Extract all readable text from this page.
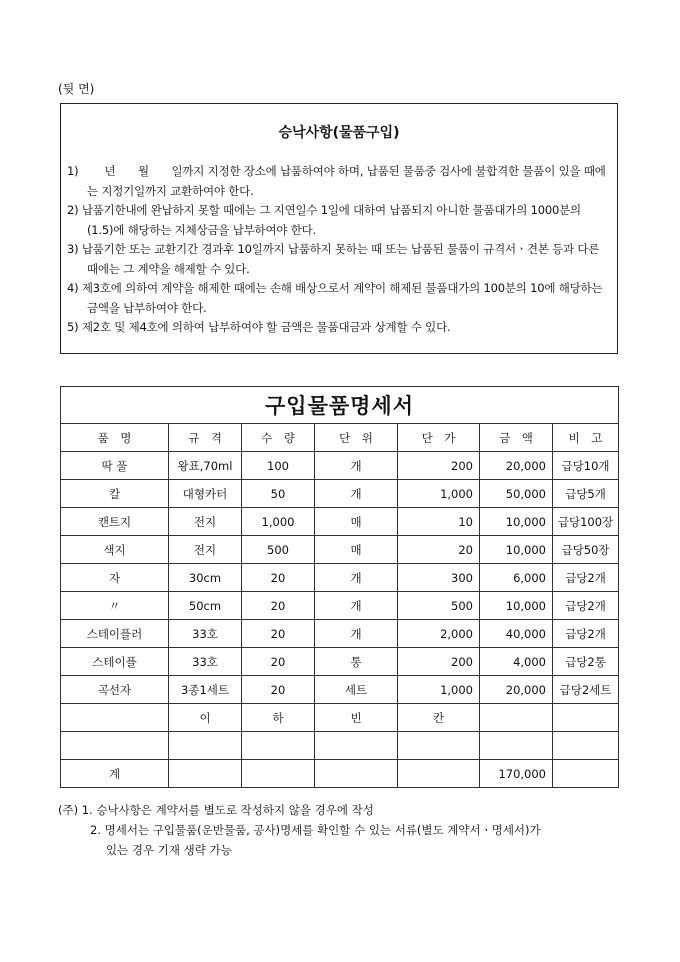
(뒷 면)
승낙사항(물품구입)
1)　　 년　　월　　일까지 지정한 장소에 납품하여야 하며, 납품된 물품중 검사에 불합격한 물품이 있을 때에는 지정기일까지 교환하여야 한다.
2) 납품기한내에 완납하지 못할 때에는 그 지연일수 1일에 대하여 납품되지 아니한 물품대가의 1000분의 (1.5)에 해당하는 지체상금을 납부하여야 한다.
3) 납품기한 또는 교환기간 경과후 10일까지 납품하지 못하는 때 또는 납품된 물품이 규격서ㆍ견본 등과 다른 때에는 그 계약을 해제할 수 있다.
4) 제3호에 의하여 계약을 해제한 때에는 손해 배상으로서 계약이 해제된 물품대가의 100분의 10에 해당하는 금액을 납부하여야 한다.
5) 제2호 및 제4호에 의하여 납부하여야 할 금액은 물품대금과 상계할 수 있다.
구입물품명세서						
품　명	규　격	수　량	단　위	단　가	금　액	비　고
딱 풀	왕표,70ml	100	개	200	20,000	급당10개
칼	대형카터	50	개	1,000	50,000	급당5개
캔트지	전지	1,000	매	10	10,000	급당100장
색지	전지	500	매	20	10,000	급당50장
자	30cm	20	개	300	6,000	급당2개
〃	50cm	20	개	500	10,000	급당2개
스테이플러	33호	20	개	2,000	40,000	급당2개
스테이플	33호	20	통	200	4,000	급당2통
곡선자	3종1세트	20	세트	1,000	20,000	급당2세트
	이	하	빈	칸		

계					170,000	
(주) 1. 승낙사항은 계약서를 별도로 작성하지 않을 경우에 작성
2. 명세서는 구입물품(운반물품, 공사)명세를 확인할 수 있는 서류(별도 계약서ㆍ명세서)가
있는 경우 기재 생략 가능
